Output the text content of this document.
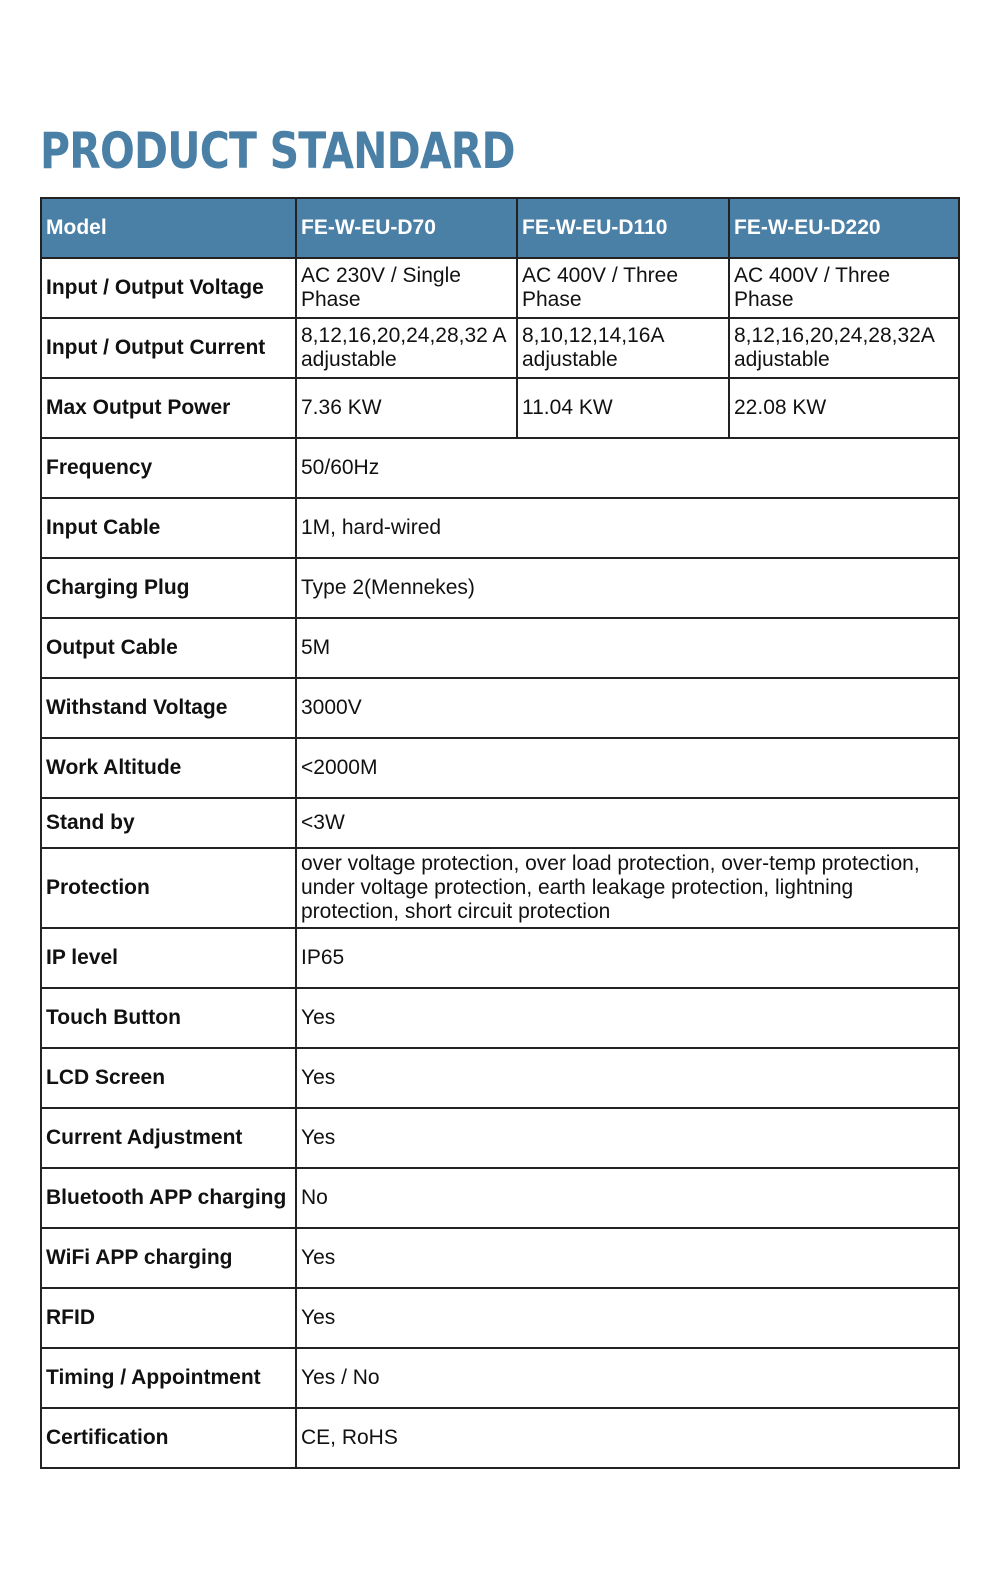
PRODUCT STANDARD
Model	FE-W-EU-D70	FE-W-EU-D110	FE-W-EU-D220
Input / Output Voltage	AC 230V / Single Phase	AC 400V / Three Phase	AC 400V / Three Phase
Input / Output Current	8,12,16,20,24,28,32 A adjustable	8,10,12,14,16A adjustable	8,12,16,20,24,28,32A adjustable
Max Output Power	7.36 KW	11.04 KW	22.08 KW
Frequency	50/60Hz		
Input Cable	1M, hard-wired		
Charging Plug	Type 2(Mennekes)		
Output Cable	5M		
Withstand Voltage	3000V		
Work Altitude	<2000M		
Stand by	<3W		
Protection	over voltage protection, over load protection, over-temp protection, under voltage protection, earth leakage protection, lightning protection, short circuit protection		
IP level	IP65		
Touch Button	Yes		
LCD Screen	Yes		
Current Adjustment	Yes		
Bluetooth APP charging	No		
WiFi APP charging	Yes		
RFID	Yes		
Timing / Appointment	Yes / No		
Certification	CE, RoHS		
